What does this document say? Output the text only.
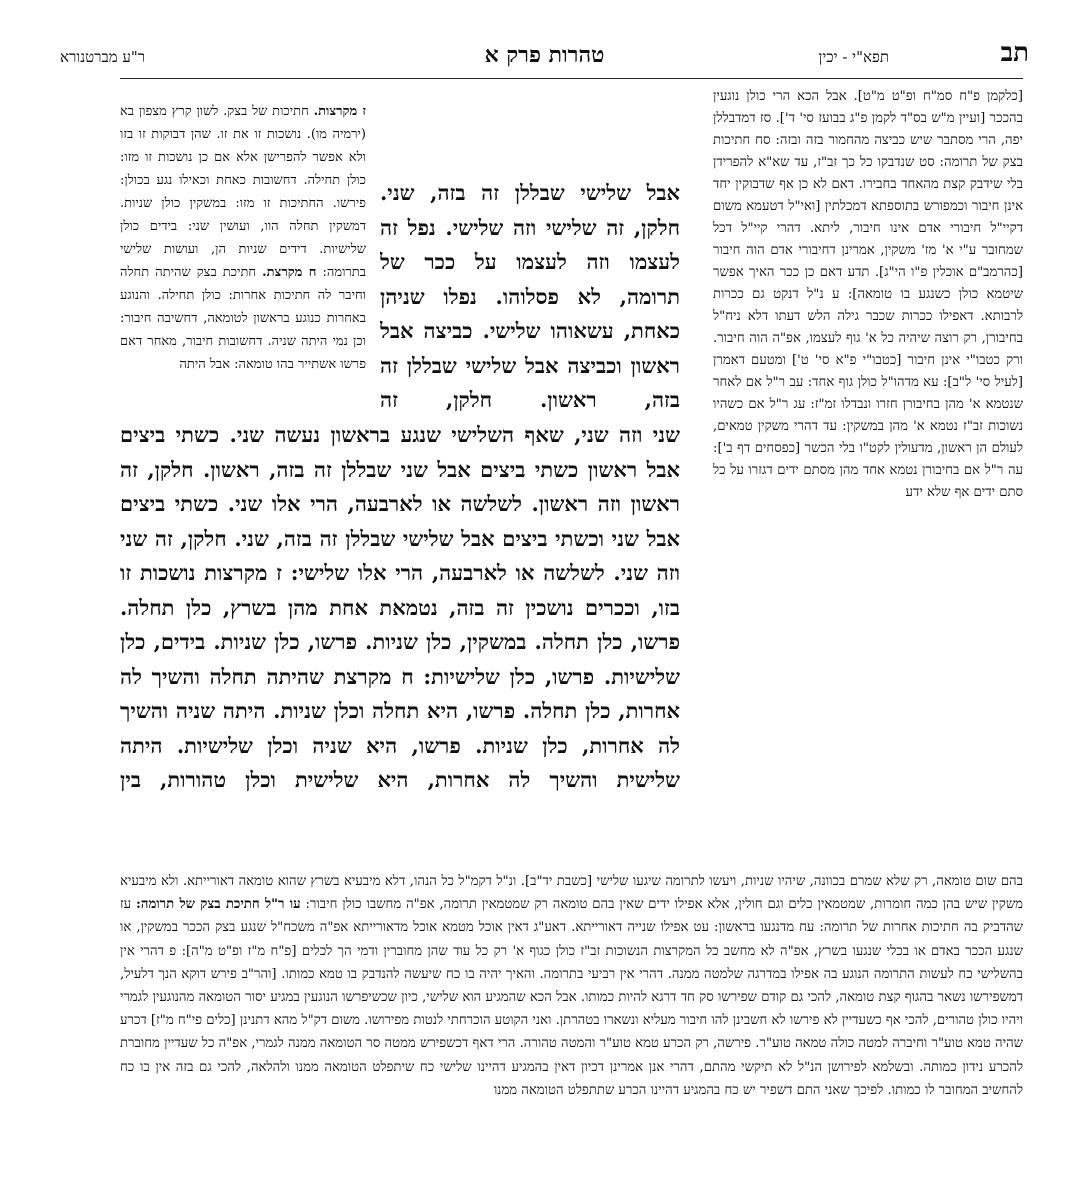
תב
תפא"י - יכין
טהרות פרק א
ר"ע מברטנורא

[כלקמן פ"ח סמ"ח ופ"ט מ"ט]. אבל הכא הרי כולן נוגעין בהככר [ועיין מ"ש בס"ד לקמן פ"ג בבועז סי' ד']. סז דמדבללן יפה, הרי מסתבר שיש כביצה מהחמור בזה ובזה: סח חתיכות בצק של תרומה: סט שנדבקו כל כך זב"ז, עד שא"א להפרידן בלי שידבק קצת מהאחד בחבירו. דאם לא כן אף שדבוקין יחד אינן חיבור וכמפורש בתוספתא דמכלתין [ואי"ל דטעמא משום דקיי"ל חיבורי אדם אינו חיבור, ליתא. דהרי קיי"ל דכל שמחובר ע"י א' מז' משקין, אמרינן דחיבורי אדם הוה חיבור [כהרמב"ם אוכלין פ"ו הי"ג]. תדע דאם כן ככר האיך אפשר שיטמא כולן כשנגע בו טומאה]: ע נ"ל דנקט גם ככרות לרבותא. דאפילו ככרות שכבר גילה הלש דעתו דלא ניח"ל בחיבורן, רק רוצה שיהיה כל א' גוף לעצמו, אפ"ה הוה חיבור. ורק כטבו"י אינן חיבור [כטבו"י פ"א סי' ט'] ומטעם דאמרן [לעיל סי' ל"ב]: עא מדהו"ל כולן גוף אחד: עב ר"ל אם לאחר שנטמא א' מהן בחיבורן חזרו ונבדלו זמ"ז: עג ר"ל אם כשהיו נשוכות זב"ז נטמא א' מהן במשקין: עד דהרי משקין טמאים, לעולם הן ראשון, מדעולין לקט"ו בלי הכשר [כפסחים דף ב']: עה ר"ל אם בחיבורן נטמא אחד מהן מסתם ידים דגזרו על כל סתם ידים אף שלא ידע

ז מקרצות. חתיכות של בצק. לשון קרץ מצפון בא (ירמיה מו). נושכות זו את זו. שהן דבוקות זו בזו ולא אפשר להפרישן אלא אם כן נושכות זו מזו: כולן תחילה. דחשובות כאחת וכאילו נגע בכולן: פירשו. החתיכות זו מזו: במשקין כולן שניות. דמשקין תחלה הוו, ועושין שני: בידים כולן שלישיות. דידים שניות הן, ועושות שלישי בתרומה: ח מקרצת. חתיכת בצק שהיתה תחלה וחיבר לה חתיכות אחרות: כולן תחילה. והנוגע באחרות כנוגע בראשון לטומאה, דחשיבה חיבור: וכן נמי היתה שניה. דחשובות חיבור, מאחר דאם פרשו אשתייר בהו טומאה: אבל היתה

אבל שלישי שבללן זה בזה, שני. חלקן, זה שלישי וזה שלישי. נפל זה לעצמו וזה לעצמו על ככר של תרומה, לא פסלוהו. נפלו שניהן כאחת, עשאוהו שלישי. כביצה אבל ראשון וכביצה אבל שלישי שבללן זה בזה, ראשון. חלקן, זה
שני וזה שני, שאף השלישי שנגע בראשון נעשה שני. כשתי ביצים אבל ראשון כשתי ביצים אבל שני שבללן זה בזה, ראשון. חלקן, זה ראשון וזה ראשון. לשלשה או לארבעה, הרי אלו שני. כשתי ביצים אבל שני וכשתי ביצים אבל שלישי שבללן זה בזה, שני. חלקן, זה שני וזה שני. לשלשה או לארבעה, הרי אלו שלישי: ז מקרצות נושכות זו בזו, וככרים נושכין זה בזה, נטמאת אחת מהן בשרץ, כלן תחלה. פרשו, כלן תחלה. במשקין, כלן שניות. פרשו, כלן שניות. בידים, כלן שלישיות. פרשו, כלן שלישיות: ח מקרצת שהיתה תחלה והשיך לה אחרות, כלן תחלה. פרשו, היא תחלה וכלן שניות. היתה שניה והשיך לה אחרות, כלן שניות. פרשו, היא שניה וכלן שלישיות. היתה שלישית והשיך לה אחרות, היא שלישית וכלן טהורות, בין

בהם שום טומאה, רק שלא שמרם בכוונה, שיהיו שניות, ויעשו לתרומה שיגעו שלישי [כשבת יד"ב]. ונ"ל דקמ"ל כל הנהו, דלא מיבעיא בשרץ שהוא טומאה דאורייתא. ולא מיבעיא משקין שיש בהן כמה חומרות, שמטמאין כלים וגם חולין, אלא אפילו ידים שאין בהם טומאה רק שמטמאין תרומה, אפ"ה מחשבו כולן חיבור: עו ר"ל חתיכת בצק של תרומה: עז שהדביק בה חתיכות אחרות של תרומה: עח מדנגעו בראשון: עט אפילו שנייה דאורייתא. דאע"ג דאין אוכל מטמא אוכל מדאורייתא אפ"ה משכח"ל שנגע בצק הככר במשקין, או שנגע הככר באדם או בכלי שנגעו בשרץ, אפ"ה לא מחשב כל המקרצות הנשוכות זב"ז כולן כגוף א' רק כל עוד שהן מחוברין ודמי הך לכלים [פ"ח מ"ז ופ"ט מ"ה]: פ דהרי אין בהשלישי כח לעשות התרומה הנוגע בה אפילו במדרגה שלמטה ממנה. דהרי אין רביעי בתרומה. והאיך יהיה בו כח שיעשה להנדבק בו טמא כמותו. [והר"ב פירש דוקא הנך דלעיל, דמשפירשו נשאר בהגוף קצת טומאה, להכי גם קודם שפירשו סק חד דרגא להיות כמותו. אבל הכא שהמגיע הוא שלישי, כיון שכשיפרשו הנוגעין במגיע יסור הטומאה מהנוגעין לגמרי ויהיו כולן טהורים, להכי אף כשעדיין לא פירשו לא חשבינן להו חיבור מעליא ונשארו בטהרתן. ואני הקוטע הוכרחתי לנטות מפירושו. משום דק"ל מהא דתנינן [כלים פי"ח מ"ז] דכרע שהיה טמא טוע"ר וחיברה למטה כולה טמאה טוע"ר. פירשה, רק הכרע טמא טוע"ר והמטה טהורה. הרי דאף דכשפירש ממטה סר הטומאה ממנה לגמרי, אפ"ה כל שעדיין מחוברת להכרע נידון כמותה. ובשלמא לפירושן הנ"ל לא תיקשי מהתם, דהרי אנן אמרינן דכיון דאין בהמגיע דהיינו שלישי כח שיתפלט הטומאה ממנו ולהלאה, להכי גם בזה אין בו כח להחשיב המחובר לו כמותו. לפיכך שאני התם דשפיר יש כח בהמגיע דהיינו הכרע שתתפלט הטומאה ממנו
